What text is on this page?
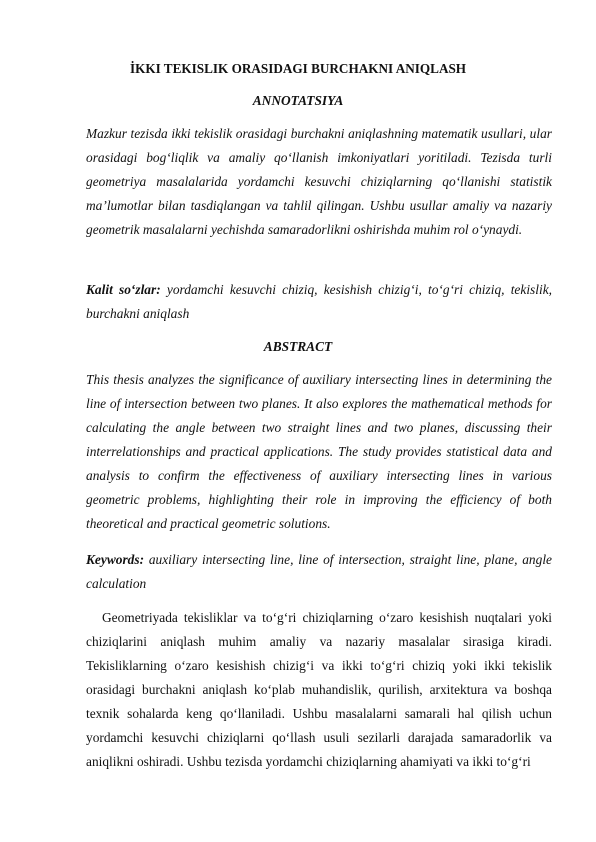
İKKI TEKISLIK ORASIDAGI BURCHAKNI ANIQLASH
ANNOTATSIYA
Mazkur tezisda ikki tekislik orasidagi burchakni aniqlashning matematik usullari, ular orasidagi bog‘liqlik va amaliy qo‘llanish imkoniyatlari yoritiladi. Tezisda turli geometriya masalalarida yordamchi kesuvchi chiziqlarning qo‘llanishi statistik ma’lumotlar bilan tasdiqlangan va tahlil qilingan. Ushbu usullar amaliy va nazariy geometrik masalalarni yechishda samaradorlikni oshirishda muhim rol o‘ynaydi.
Kalit so‘zlar: yordamchi kesuvchi chiziq, kesishish chizig‘i, to‘g‘ri chiziq, tekislik, burchakni aniqlash
ABSTRACT
This thesis analyzes the significance of auxiliary intersecting lines in determining the line of intersection between two planes. It also explores the mathematical methods for calculating the angle between two straight lines and two planes, discussing their interrelationships and practical applications. The study provides statistical data and analysis to confirm the effectiveness of auxiliary intersecting lines in various geometric problems, highlighting their role in improving the efficiency of both theoretical and practical geometric solutions.
Keywords: auxiliary intersecting line, line of intersection, straight line, plane, angle calculation
Geometriyada tekisliklar va to‘g‘ri chiziqlarning o‘zaro kesishish nuqtalari yoki chiziqlarini aniqlash muhim amaliy va nazariy masalalar sirasiga kiradi. Tekisliklarning o‘zaro kesishish chizig‘i va ikki to‘g‘ri chiziq yoki ikki tekislik orasidagi burchakni aniqlash ko‘plab muhandislik, qurilish, arxitektura va boshqa texnik sohalarda keng qo‘llaniladi. Ushbu masalalarni samarali hal qilish uchun yordamchi kesuvchi chiziqlarni qo‘llash usuli sezilarli darajada samaradorlik va aniqlikni oshiradi. Ushbu tezisda yordamchi chiziqlarning ahamiyati va ikki to‘g‘ri
